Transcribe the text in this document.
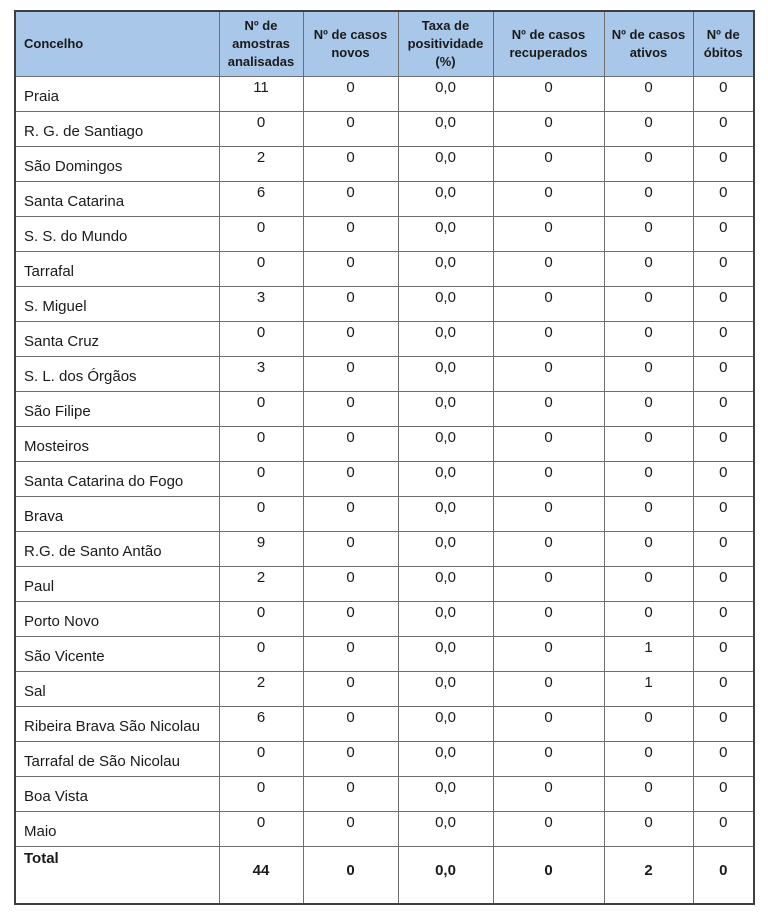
Concelho	Nº de amostras analisadas	Nº de casos novos	Taxa de positividade (%)	Nº de casos recuperados	Nº de casos ativos	Nº de óbitos
Praia	11	0	0,0	0	0	0
R. G. de Santiago	0	0	0,0	0	0	0
São Domingos	2	0	0,0	0	0	0
Santa Catarina	6	0	0,0	0	0	0
S. S. do Mundo	0	0	0,0	0	0	0
Tarrafal	0	0	0,0	0	0	0
S. Miguel	3	0	0,0	0	0	0
Santa Cruz	0	0	0,0	0	0	0
S. L. dos Órgãos	3	0	0,0	0	0	0
São Filipe	0	0	0,0	0	0	0
Mosteiros	0	0	0,0	0	0	0
Santa Catarina do Fogo	0	0	0,0	0	0	0
Brava	0	0	0,0	0	0	0
R.G. de Santo Antão	9	0	0,0	0	0	0
Paul	2	0	0,0	0	0	0
Porto Novo	0	0	0,0	0	0	0
São Vicente	0	0	0,0	0	1	0
Sal	2	0	0,0	0	1	0
Ribeira Brava São Nicolau	6	0	0,0	0	0	0
Tarrafal de São Nicolau	0	0	0,0	0	0	0
Boa Vista	0	0	0,0	0	0	0
Maio	0	0	0,0	0	0	0
Total	44	0	0,0	0	2	0
